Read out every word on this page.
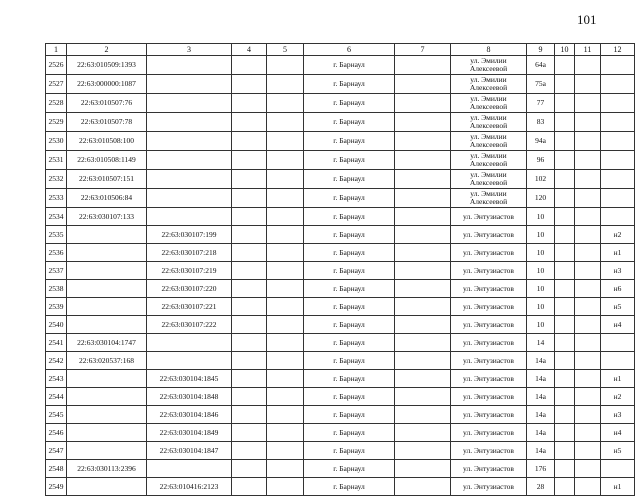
101
1	2	3	4	5	6	7	8	9	10	11	12
2526	22:63:010509:1393				г. Барнаул		ул. Эмилии Алексеевой	64а			
2527	22:63:000000:1087				г. Барнаул		ул. Эмилии Алексеевой	75а			
2528	22:63:010507:76				г. Барнаул		ул. Эмилии Алексеевой	77			
2529	22:63:010507:78				г. Барнаул		ул. Эмилии Алексеевой	83			
2530	22:63:010508:100				г. Барнаул		ул. Эмилии Алексеевой	94а			
2531	22:63:010508:1149				г. Барнаул		ул. Эмилии Алексеевой	96			
2532	22:63:010507:151				г. Барнаул		ул. Эмилии Алексеевой	102			
2533	22:63:010506:84				г. Барнаул		ул. Эмилии Алексеевой	120			
2534	22:63:030107:133				г. Барнаул		ул. Энтузиастов	10			
2535		22:63:030107:199			г. Барнаул		ул. Энтузиастов	10			н2
2536		22:63:030107:218			г. Барнаул		ул. Энтузиастов	10			н1
2537		22:63:030107:219			г. Барнаул		ул. Энтузиастов	10			н3
2538		22:63:030107:220			г. Барнаул		ул. Энтузиастов	10			н6
2539		22:63:030107:221			г. Барнаул		ул. Энтузиастов	10			н5
2540		22:63:030107:222			г. Барнаул		ул. Энтузиастов	10			н4
2541	22:63:030104:1747				г. Барнаул		ул. Энтузиастов	14			
2542	22:63:020537:168				г. Барнаул		ул. Энтузиастов	14а			
2543		22:63:030104:1845			г. Барнаул		ул. Энтузиастов	14а			н1
2544		22:63:030104:1848			г. Барнаул		ул. Энтузиастов	14а			н2
2545		22:63:030104:1846			г. Барнаул		ул. Энтузиастов	14а			н3
2546		22:63:030104:1849			г. Барнаул		ул. Энтузиастов	14а			н4
2547		22:63:030104:1847			г. Барнаул		ул. Энтузиастов	14а			н5
2548	22:63:030113:2396				г. Барнаул		ул. Энтузиастов	176			
2549		22:63:010416:2123			г. Барнаул		ул. Энтузиастов	28			н1
